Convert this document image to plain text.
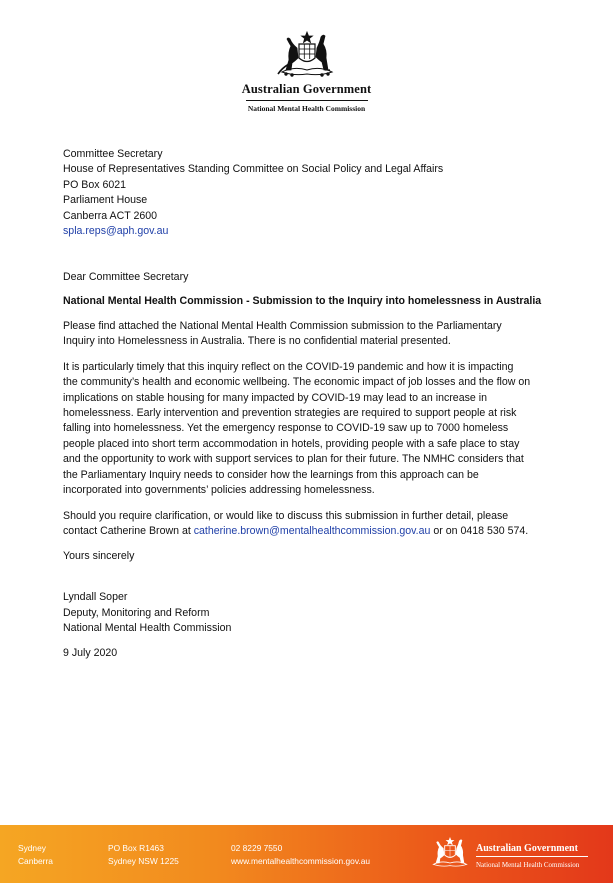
Australian Government
National Mental Health Commission
Committee Secretary
House of Representatives Standing Committee on Social Policy and Legal Affairs
PO Box 6021
Parliament House
Canberra ACT 2600
spla.reps@aph.gov.au
Dear Committee Secretary
National Mental Health Commission - Submission to the Inquiry into homelessness in Australia
Please find attached the National Mental Health Commission submission to the Parliamentary
Inquiry into Homelessness in Australia. There is no confidential material presented.
It is particularly timely that this inquiry reflect on the COVID-19 pandemic and how it is impacting
the community’s health and economic wellbeing. The economic impact of job losses and the flow on
implications on stable housing for many impacted by COVID-19 may lead to an increase in
homelessness. Early intervention and prevention strategies are required to support people at risk
falling into homelessness. Yet the emergency response to COVID-19 saw up to 7000 homeless
people placed into short term accommodation in hotels, providing people with a safe place to stay
and the opportunity to work with support services to plan for their future. The NMHC considers that
the Parliamentary Inquiry needs to consider how the learnings from this approach can be
incorporated into governments’ policies addressing homelessness.
Should you require clarification, or would like to discuss this submission in further detail, please
contact Catherine Brown at catherine.brown@mentalhealthcommission.gov.au or on 0418 530 574.
Yours sincerely
Lyndall Soper
Deputy, Monitoring and Reform
National Mental Health Commission
9 July 2020
Sydney
Canberra
PO Box R1463
Sydney NSW 1225
02 8229 7550
www.mentalhealthcommission.gov.au
Australian Government
National Mental Health Commission
